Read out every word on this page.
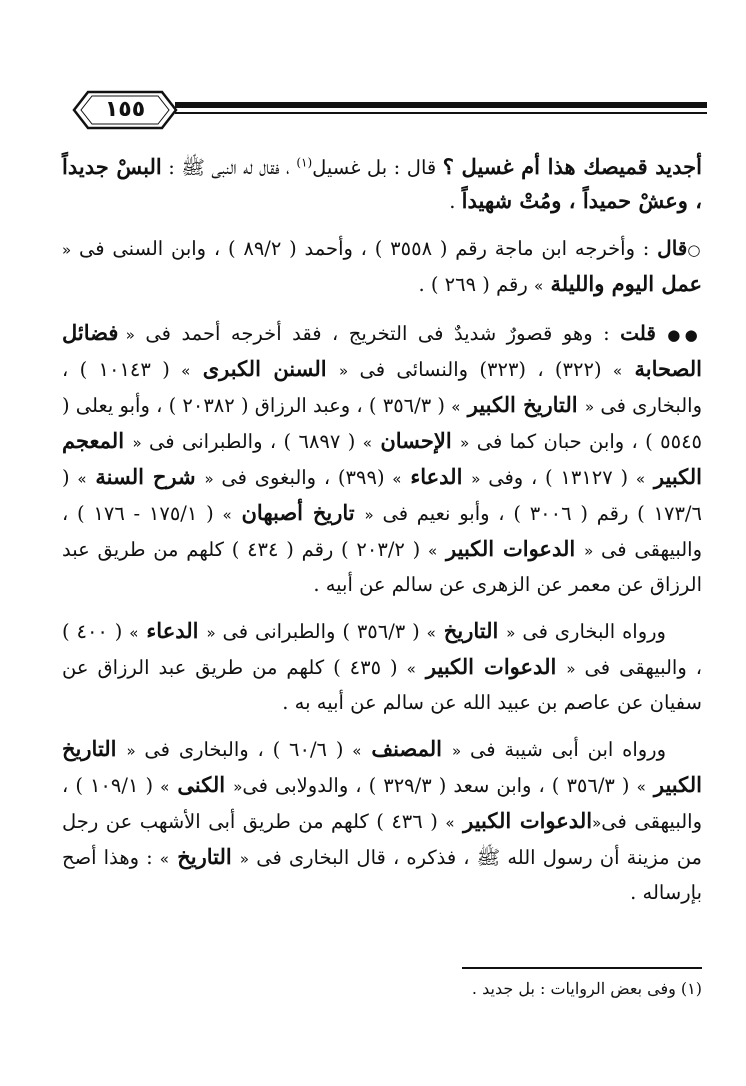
١٥٥

أجديد قميصك هذا أم غسيل ؟ قال : بل غسيل$^{(١)}$ ، فقال له النبى ﷺ : البسْ جديداً ، وعشْ حميداً ، ومُتْ شهيداً .

○قال : وأخرجه ابن ماجة رقم ( ٣٥٥٨ ) ، وأحمد ( ٨٩/٢ ) ، وابن السنى فى « عمل اليوم والليلة » رقم ( ٢٦٩ ) .

●● قلت : وهو قصورٌ شديدٌ فى التخريج ، فقد أخرجه أحمد فى « فضائل الصحابة » (٣٢٢) ، (٣٢٣) والنسائى فى « السنن الكبرى » ( ١٠١٤٣ ) ، والبخارى فى « التاريخ الكبير » ( ٣٥٦/٣ ) ، وعبد الرزاق ( ٢٠٣٨٢ ) ، وأبو يعلى ( ٥٥٤٥ ) ، وابن حبان كما فى « الإحسان » ( ٦٨٩٧ ) ، والطبرانى فى « المعجم الكبير » ( ١٣١٢٧ ) ، وفى « الدعاء » (٣٩٩) ، والبغوى فى « شرح السنة » ( ١٧٣/٦ ) رقم ( ٣٠٠٦ ) ، وأبو نعيم فى « تاريخ أصبهان » ( ١٧٥/١ - ١٧٦ ) ، والبيهقى فى « الدعوات الكبير » ( ٢٠٣/٢ ) رقم ( ٤٣٤ ) كلهم من طريق عبد الرزاق عن معمر عن الزهرى عن سالم عن أبيه .

ورواه البخارى فى « التاريخ » ( ٣٥٦/٣ ) والطبرانى فى « الدعاء » ( ٤٠٠ ) ، والبيهقى فى « الدعوات الكبير » ( ٤٣٥ ) كلهم من طريق عبد الرزاق عن سفيان عن عاصم بن عبيد الله عن سالم عن أبيه به .

ورواه ابن أبى شيبة فى « المصنف » ( ٦٠/٦ ) ، والبخارى فى « التاريخ الكبير » ( ٣٥٦/٣ ) ، وابن سعد ( ٣٢٩/٣ ) ، والدولابى فى« الكنى » ( ١٠٩/١ ) ، والبيهقى فى«الدعوات الكبير » ( ٤٣٦ ) كلهم من طريق أبى الأشهب عن رجل من مزينة أن رسول الله ﷺ ، فذكره ، قال البخارى فى « التاريخ » : وهذا أصح بإرساله .

(١) وفى بعض الروايات : بل جديد .
